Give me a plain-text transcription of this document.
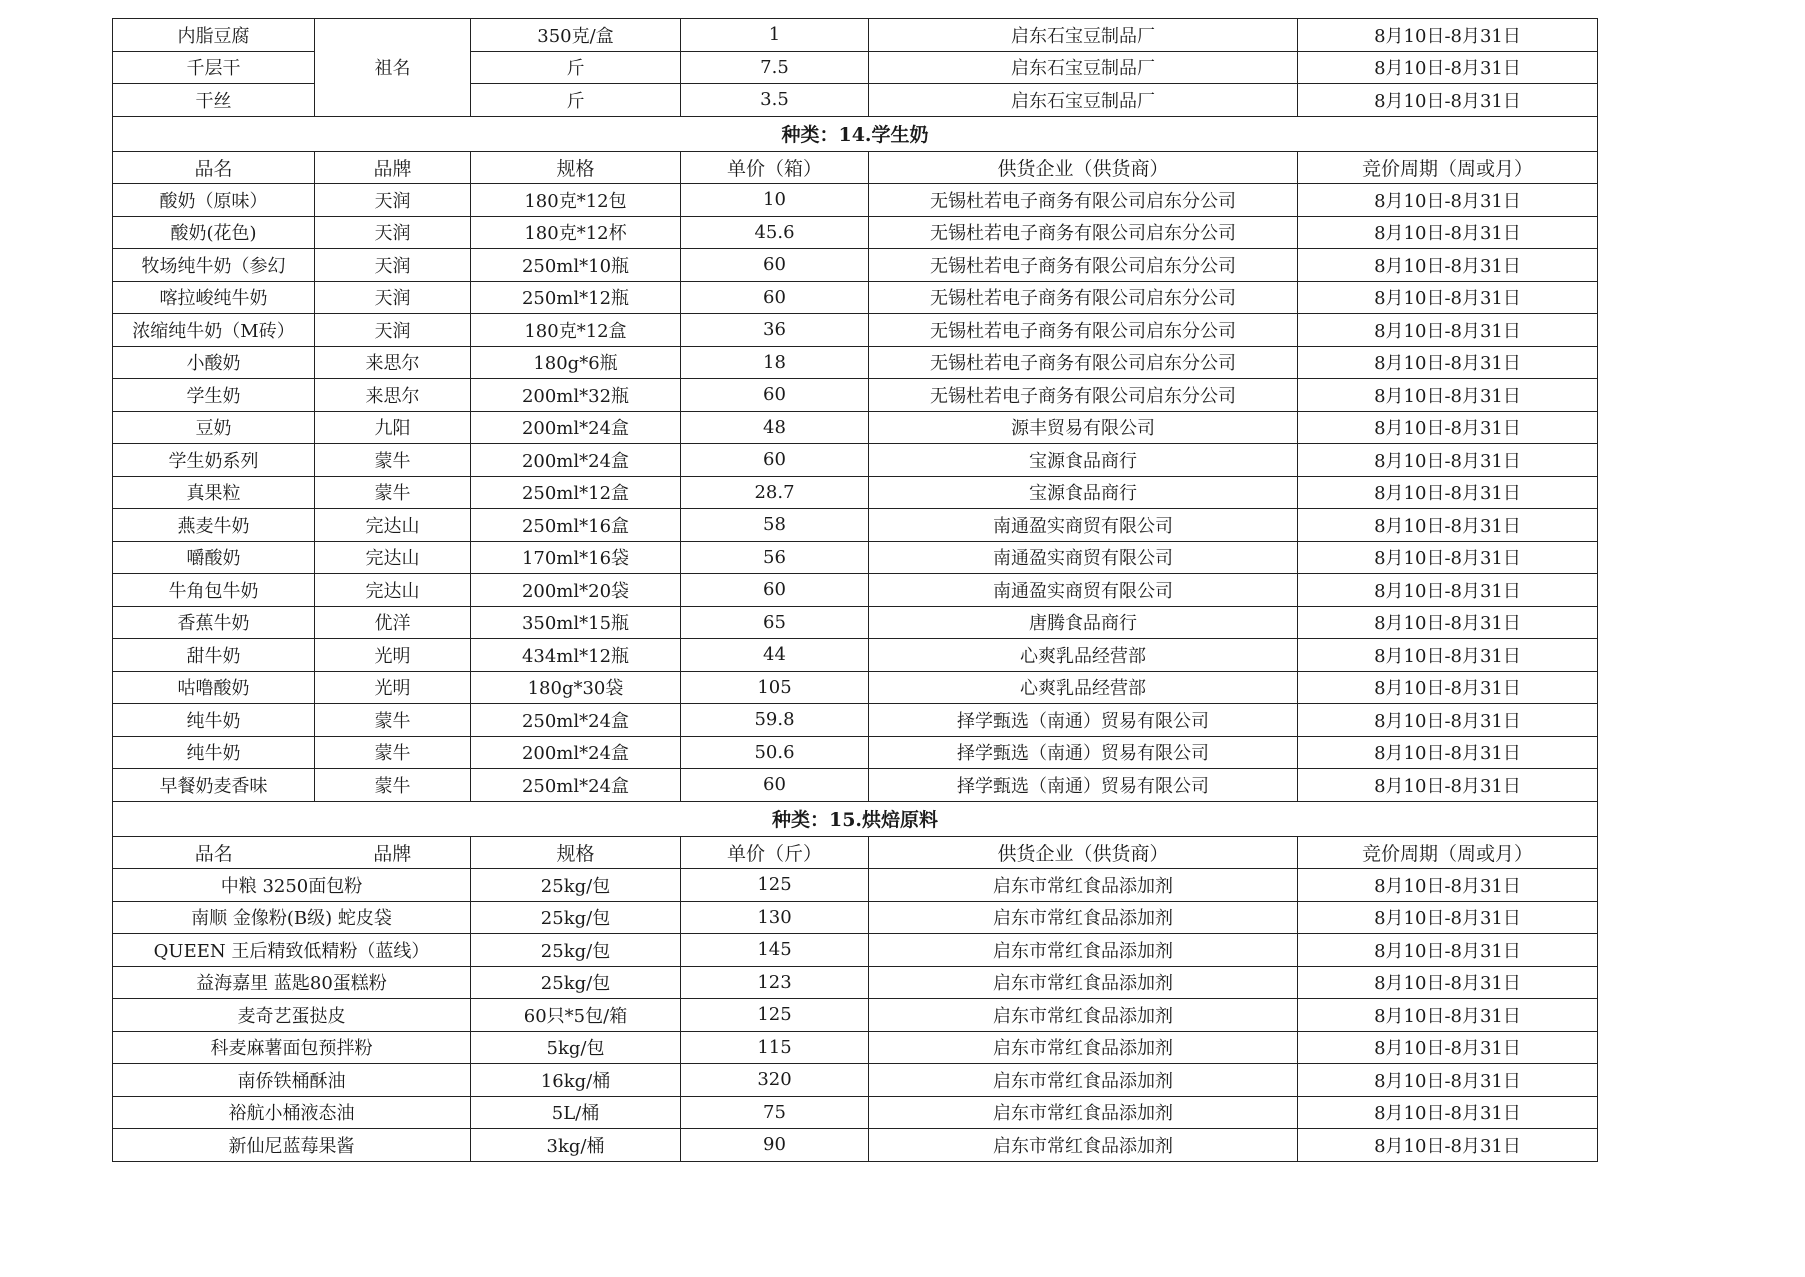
内脂豆腐		350克/盒	1	启东石宝豆制品厂	8月10日-8月31日
千层干	祖名	斤	7.5	启东石宝豆制品厂	8月10日-8月31日
干丝		斤	3.5	启东石宝豆制品厂	8月10日-8月31日
种类：14.学生奶					
品名	品牌	规格	单价（箱）	供货企业（供货商）	竞价周期（周或月）
酸奶（原味）	天润	180克*12包	10	无锡杜若电子商务有限公司启东分公司	8月10日-8月31日
酸奶(花色)	天润	180克*12杯	45.6	无锡杜若电子商务有限公司启东分公司	8月10日-8月31日
牧场纯牛奶（参幻	天润	250ml*10瓶	60	无锡杜若电子商务有限公司启东分公司	8月10日-8月31日
喀拉峻纯牛奶	天润	250ml*12瓶	60	无锡杜若电子商务有限公司启东分公司	8月10日-8月31日
浓缩纯牛奶（M砖）	天润	180克*12盒	36	无锡杜若电子商务有限公司启东分公司	8月10日-8月31日
小酸奶	来思尔	180g*6瓶	18	无锡杜若电子商务有限公司启东分公司	8月10日-8月31日
学生奶	来思尔	200ml*32瓶	60	无锡杜若电子商务有限公司启东分公司	8月10日-8月31日
豆奶	九阳	200ml*24盒	48	源丰贸易有限公司	8月10日-8月31日
学生奶系列	蒙牛	200ml*24盒	60	宝源食品商行	8月10日-8月31日
真果粒	蒙牛	250ml*12盒	28.7	宝源食品商行	8月10日-8月31日
燕麦牛奶	完达山	250ml*16盒	58	南通盈实商贸有限公司	8月10日-8月31日
嚼酸奶	完达山	170ml*16袋	56	南通盈实商贸有限公司	8月10日-8月31日
牛角包牛奶	完达山	200ml*20袋	60	南通盈实商贸有限公司	8月10日-8月31日
香蕉牛奶	优洋	350ml*15瓶	65	唐腾食品商行	8月10日-8月31日
甜牛奶	光明	434ml*12瓶	44	心爽乳品经营部	8月10日-8月31日
咕噜酸奶	光明	180g*30袋	105	心爽乳品经营部	8月10日-8月31日
纯牛奶	蒙牛	250ml*24盒	59.8	择学甄选（南通）贸易有限公司	8月10日-8月31日
纯牛奶	蒙牛	200ml*24盒	50.6	择学甄选（南通）贸易有限公司	8月10日-8月31日
早餐奶麦香味	蒙牛	250ml*24盒	60	择学甄选（南通）贸易有限公司	8月10日-8月31日
种类：15.烘焙原料					

品名 品牌		规格	单价（斤）	供货企业（供货商）	竞价周期（周或月）
中粮 3250面包粉		25kg/包	125	启东市常红食品添加剂	8月10日-8月31日
南顺 金像粉(B级) 蛇皮袋		25kg/包	130	启东市常红食品添加剂	8月10日-8月31日
QUEEN 王后精致低精粉（蓝线）		25kg/包	145	启东市常红食品添加剂	8月10日-8月31日
益海嘉里 蓝匙80蛋糕粉		25kg/包	123	启东市常红食品添加剂	8月10日-8月31日
麦奇艺蛋挞皮		60只*5包/箱	125	启东市常红食品添加剂	8月10日-8月31日
科麦麻薯面包预拌粉		5kg/包	115	启东市常红食品添加剂	8月10日-8月31日
南侨铁桶酥油		16kg/桶	320	启东市常红食品添加剂	8月10日-8月31日
裕航小桶液态油		5L/桶	75	启东市常红食品添加剂	8月10日-8月31日
新仙尼蓝莓果酱		3kg/桶	90	启东市常红食品添加剂	8月10日-8月31日
